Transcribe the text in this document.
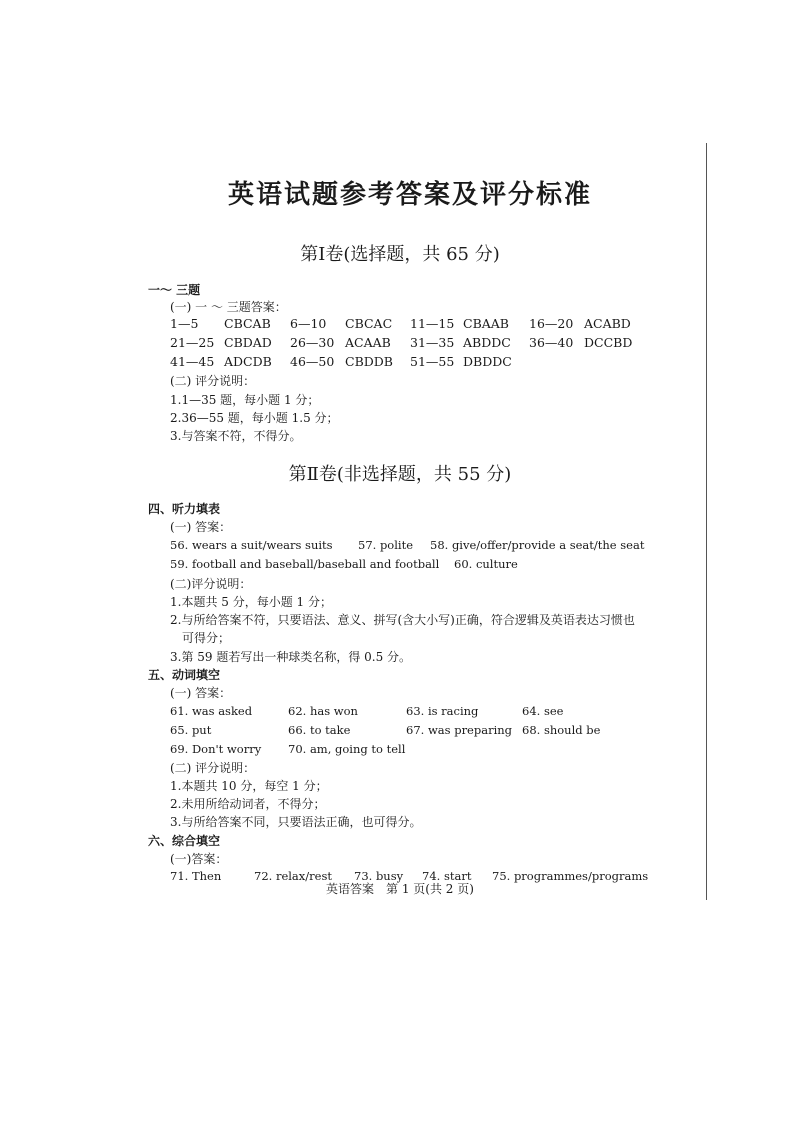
英语试题参考答案及评分标准
第Ⅰ卷(选择题，共 65 分)
一～ 三题
(一) 一 ～ 三题答案：
1—5 CBCAB 6—10 CBCAC 11—15 CBAAB 16—20 ACABD
21—25 CBDAD 26—30 ACAAB 31—35 ABDDC 36—40 DCCBD
41—45 ADCDB 46—50 CBDDB 51—55 DBDDC
(二) 评分说明：
1.1—35 题，每小题 1 分；
2.36—55 题，每小题 1.5 分；
3.与答案不符，不得分。
第Ⅱ卷(非选择题，共 55 分)
四、听力填表
(一) 答案：
56. wears a suit/wears suits 57. polite 58. give/offer/provide a seat/the seat
59. football and baseball/baseball and football 60. culture
(二)评分说明：
1.本题共 5 分，每小题 1 分；
2.与所给答案不符，只要语法、意义、拼写(含大小写)正确，符合逻辑及英语表达习惯也
可得分；
3.第 59 题若写出一种球类名称，得 0.5 分。
五、动词填空
(一) 答案：
61. was asked	62. has won	63. is racing	64. see
65. put	66. to take	67. was preparing 68. should be
69. Don't worry 70. am, going to tell
(二) 评分说明：
1.本题共 10 分，每空 1 分；
2.未用所给动词者，不得分；
3.与所给答案不同，只要语法正确，也可得分。
六、综合填空
(一)答案：
71. Then	72. relax/rest 73. busy 74. start 75. programmes/programs
英语答案　第 1 页(共 2 页)
